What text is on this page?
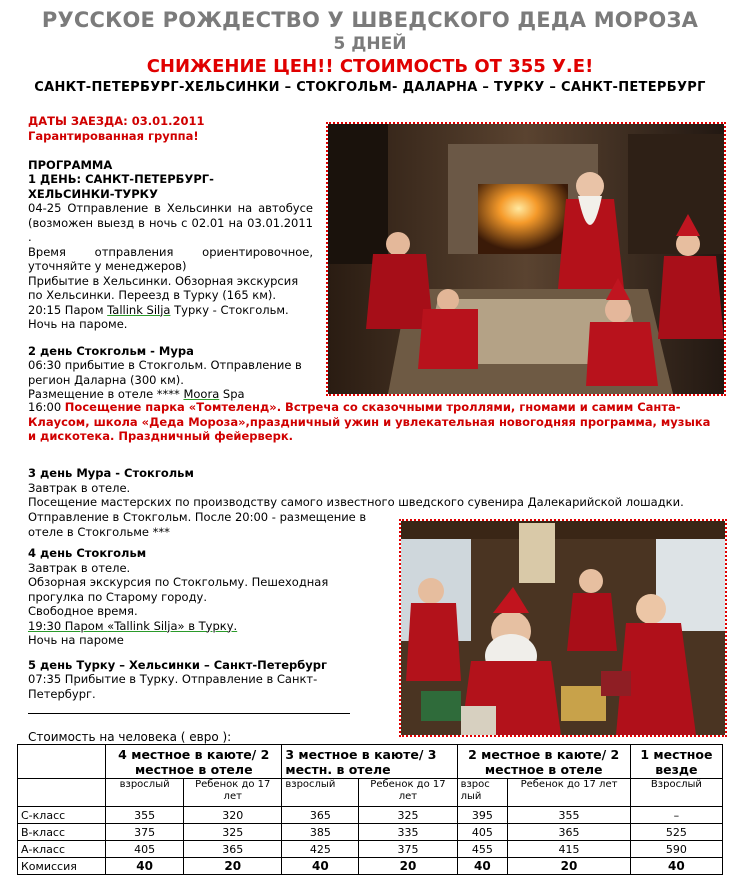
РУССКОЕ РОЖДЕСТВО У ШВЕДСКОГО ДЕДА МОРОЗА
5 ДНЕЙ
СНИЖЕНИЕ ЦЕН!! СТОИМОСТЬ ОТ 355 У.Е!
САНКТ-ПЕТЕРБУРГ-ХЕЛЬСИНКИ – СТОКГОЛЬМ- ДАЛАРНА – ТУРКУ – САНКТ-ПЕТЕРБУРГ

ДАТЫ ЗАЕЗДА: 03.01.2011

Гарантированная группа!

ПРОГРАММА

1 ДЕНЬ: САНКТ-ПЕТЕРБУРГ-

ХЕЛЬСИНКИ-ТУРКУ

04-25 Отправление в Хельсинки на автобусе (возможен выезд в ночь с 02.01 на 03.01.2011 .

Время отправления ориентировочное, уточняйте у менеджеров)

Прибытие в Хельсинки. Обзорная экскурсия по Хельсинки. Переезд в Турку (165 км).

20:15 Паром Tallink Silja Турку - Стокгольм.

Ночь на пароме.

2 день Стокгольм - Мура

06:30 прибытие в Стокгольм. Отправление в регион Даларна (300 км).

Размещение в отеле **** Moora Spa

16:00 Посещение парка «Томтеленд». Встреча со сказочными троллями, гномами и самим Санта-Клаусом, школа «Деда Мороза»,праздничный ужин и увлекательная новогодняя программа, музыка и дискотека. Праздничный фейерверк.

3 день Мура - Стокгольм

Завтрак в отеле.

Посещение мастерских по производству самого известного шведского сувенира Далекарийской лошадки.

Отправление в Стокгольм. После 20:00 - размещение в отеле в Стокгольме ***

4 день Стокгольм

Завтрак в отеле.

Обзорная экскурсия по Стокгольму. Пешеходная прогулка по Старому городу.

Свободное время.

19:30 Паром «Tallink Silja» в Турку.

Ночь на пароме

5 день Турку – Хельсинки – Санкт-Петербург

07:35 Прибытие в Турку. Отправление в Санкт-Петербург.

Стоимость на человека ( евро ):
	4 местное в каюте/ 2 местное в отеле		3 местное в каюте/ 3 местн. в отеле		2 местное в каюте/ 2 местное в отеле		1 местное везде
	взрослый	Ребенок до 17 лет	взрослый	Ребенок до 17 лет	взрос лый	Ребенок до 17 лет	Взрослый
С-класс	355	320	365	325	395	355	–
В-класс	375	325	385	335	405	365	525
А-класс	405	365	425	375	455	415	590
Комиссия	40	20	40	20	40	20	40
